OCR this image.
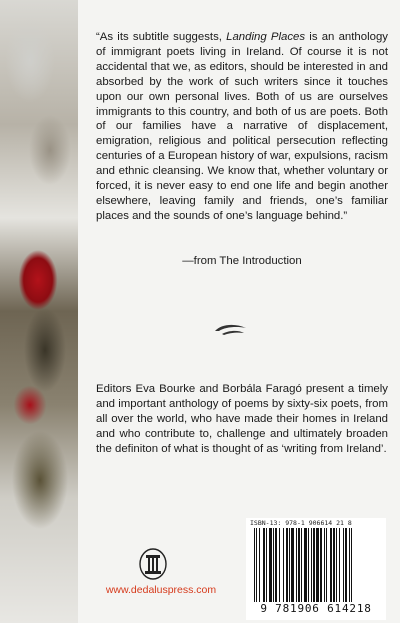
“As its subtitle suggests, Landing Places is an anthology of immigrant poets living in Ireland. Of course it is not accidental that we, as editors, should be interested in and absorbed by the work of such writers since it touches upon our own personal lives. Both of us are ourselves immigrants to this country, and both of us are poets. Both of our families have a narrative of displacement, emigration, religious and political persecution reflecting centuries of a European history of war, expulsions, racism and ethnic cleansing. We know that, whether voluntary or forced, it is never easy to end one life and begin another elsewhere, leaving family and friends, one’s familiar places and the sounds of one’s language behind.”

—from The Introduction

Editors Eva Bourke and Borbála Faragó present a timely and important anthology of poems by sixty-six poets, from all over the world, who have made their homes in Ireland and who contribute to, challenge and ultimately broaden the definiton of what is thought of as ‘writing from Ireland’.

www.dedaluspress.com
ISBN-13: 978-1 906614 21 8
9 781906 614218
